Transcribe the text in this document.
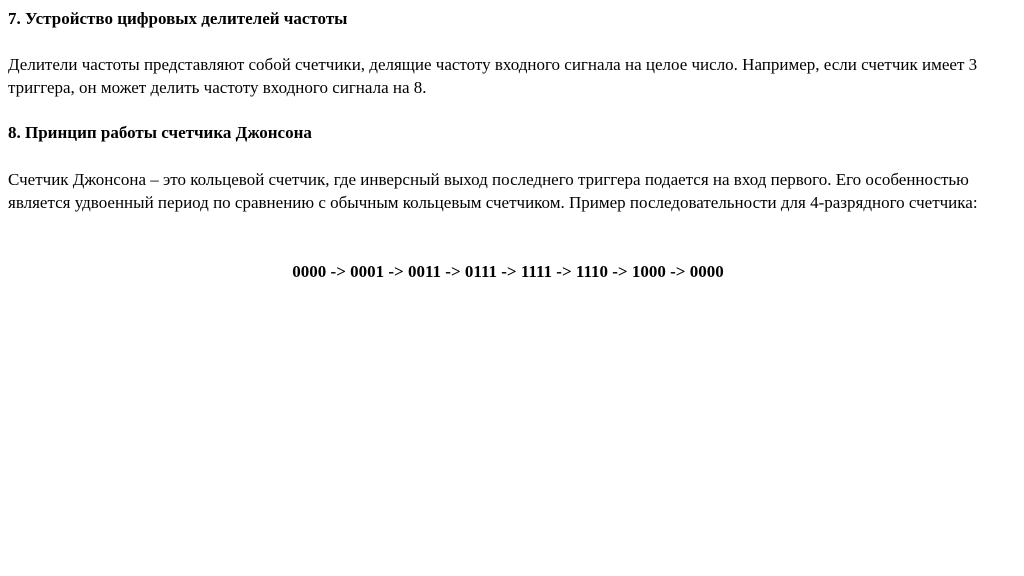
7. Устройство цифровых делителей частоты

Делители частоты представляют собой счетчики, делящие частоту входного сигнала на целое число. Например, если счетчик имеет 3 триггера, он может делить частоту входного сигнала на 8.

8. Принцип работы счетчика Джонсона

Счетчик Джонсона – это кольцевой счетчик, где инверсный выход последнего триггера подается на вход первого. Его особенностью является удвоенный период по сравнению с обычным кольцевым счетчиком. Пример последовательности для 4-разрядного счетчика:

0000 -> 0001 -> 0011 -> 0111 -> 1111 -> 1110 -> 1000 -> 0000
